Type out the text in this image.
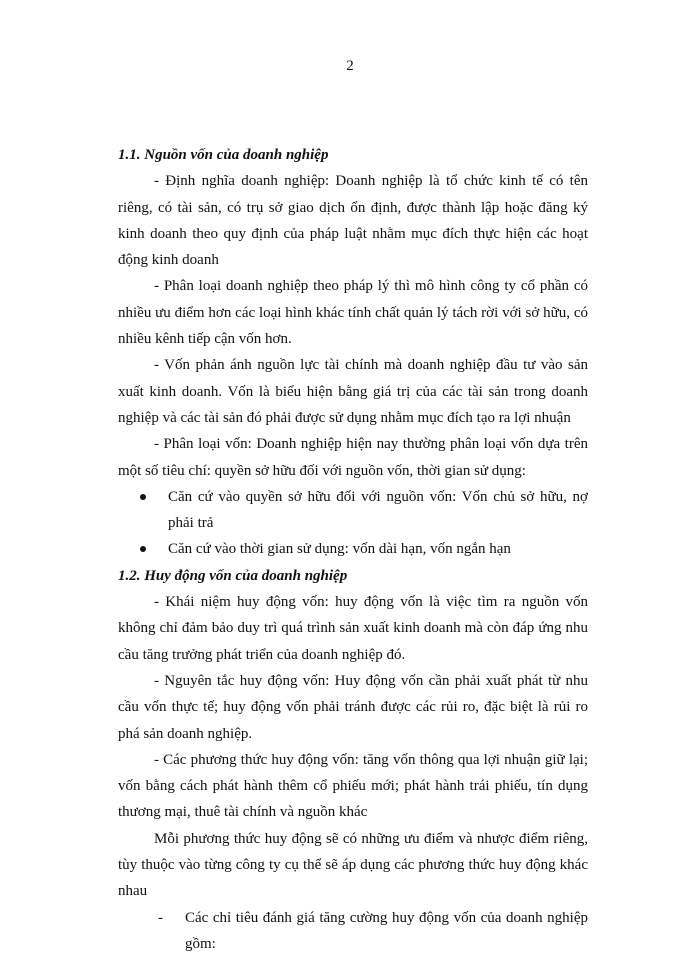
2

1.1. Nguồn vốn của doanh nghiệp

- Định nghĩa doanh nghiệp: Doanh nghiệp là tổ chức kinh tế có tên riêng, có tài sản, có trụ sở giao dịch ổn định, được thành lập hoặc đăng ký kinh doanh theo quy định của pháp luật nhằm mục đích thực hiện các hoạt động kinh doanh

- Phân loại doanh nghiệp theo pháp lý thì mô hình công ty cổ phần có nhiều ưu điểm hơn các loại hình khác tính chất quản lý tách rời với sở hữu, có nhiều kênh tiếp cận vốn hơn.

- Vốn phản ánh nguồn lực tài chính mà doanh nghiệp đầu tư vào sản xuất kinh doanh. Vốn là biểu hiện bằng giá trị của các tài sản trong doanh nghiệp và các tài sản đó phải được sử dụng nhằm mục đích tạo ra lợi nhuận

- Phân loại vốn: Doanh nghiệp hiện nay thường phân loại vốn dựa trên một số tiêu chí: quyền sở hữu đối với nguồn vốn, thời gian sử dụng:

Căn cứ vào quyền sở hữu đối với nguồn vốn: Vốn chủ sở hữu, nợ phải trả

Căn cứ vào thời gian sử dụng: vốn dài hạn, vốn ngắn hạn

1.2. Huy động vốn của doanh nghiệp

- Khái niệm huy động vốn: huy động vốn là việc tìm ra nguồn vốn không chỉ đảm bảo duy trì quá trình sản xuất kinh doanh mà còn đáp ứng nhu cầu tăng trưởng phát triển của doanh nghiệp đó.

- Nguyên tắc huy động vốn: Huy động vốn cần phải xuất phát từ nhu cầu vốn thực tế; huy động vốn phải tránh được các rủi ro, đặc biệt là rủi ro phá sản doanh nghiệp.

- Các phương thức huy động vốn: tăng vốn thông qua lợi nhuận giữ lại; vốn bằng cách phát hành thêm cổ phiếu mới; phát hành trái phiếu, tín dụng thương mại, thuê tài chính và nguồn khác

Mỗi phương thức huy động sẽ có những ưu điểm và nhược điểm riêng, tùy thuộc vào từng công ty cụ thể sẽ áp dụng các phương thức huy động khác nhau

- Các chỉ tiêu đánh giá tăng cường huy động vốn của doanh nghiệp gồm:
